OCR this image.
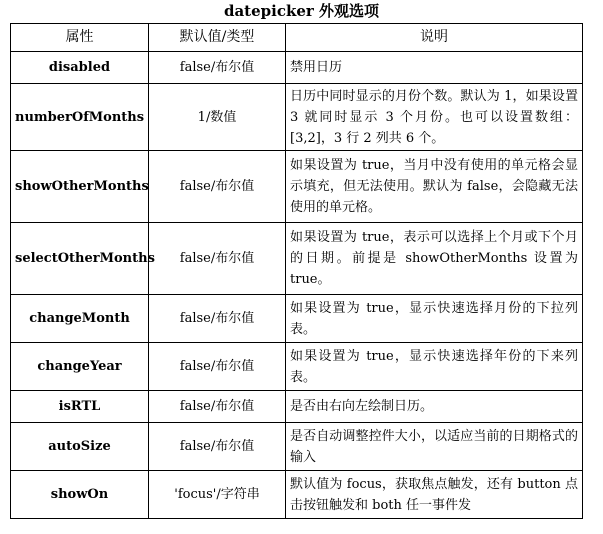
datepicker 外观选项
属性	默认值/类型	说明
disabled	false/布尔值	禁用日历
numberOfMonths	1/数值	日历中同时显示的月份个数。默认为 1，如果设置 3 就同时显示 3 个月份。也可以设置数组：[3,2]，3 行 2 列共 6 个。
showOtherMonths	false/布尔值	如果设置为 true，当月中没有使用的单元格会显示填充，但无法使用。默认为 false，会隐藏无法使用的单元格。
selectOtherMonths	false/布尔值	如果设置为 true，表示可以选择上个月或下个月的日期。前提是 showOtherMonths 设置为 true。
changeMonth	false/布尔值	如果设置为 true，显示快速选择月份的下拉列表。
changeYear	false/布尔值	如果设置为 true，显示快速选择年份的下来列表。
isRTL	false/布尔值	是否由右向左绘制日历。
autoSize	false/布尔值	是否自动调整控件大小，以适应当前的日期格式的输入
showOn	'focus'/字符串	默认值为 focus，获取焦点触发，还有 button 点击按钮触发和 both 任一事件发
